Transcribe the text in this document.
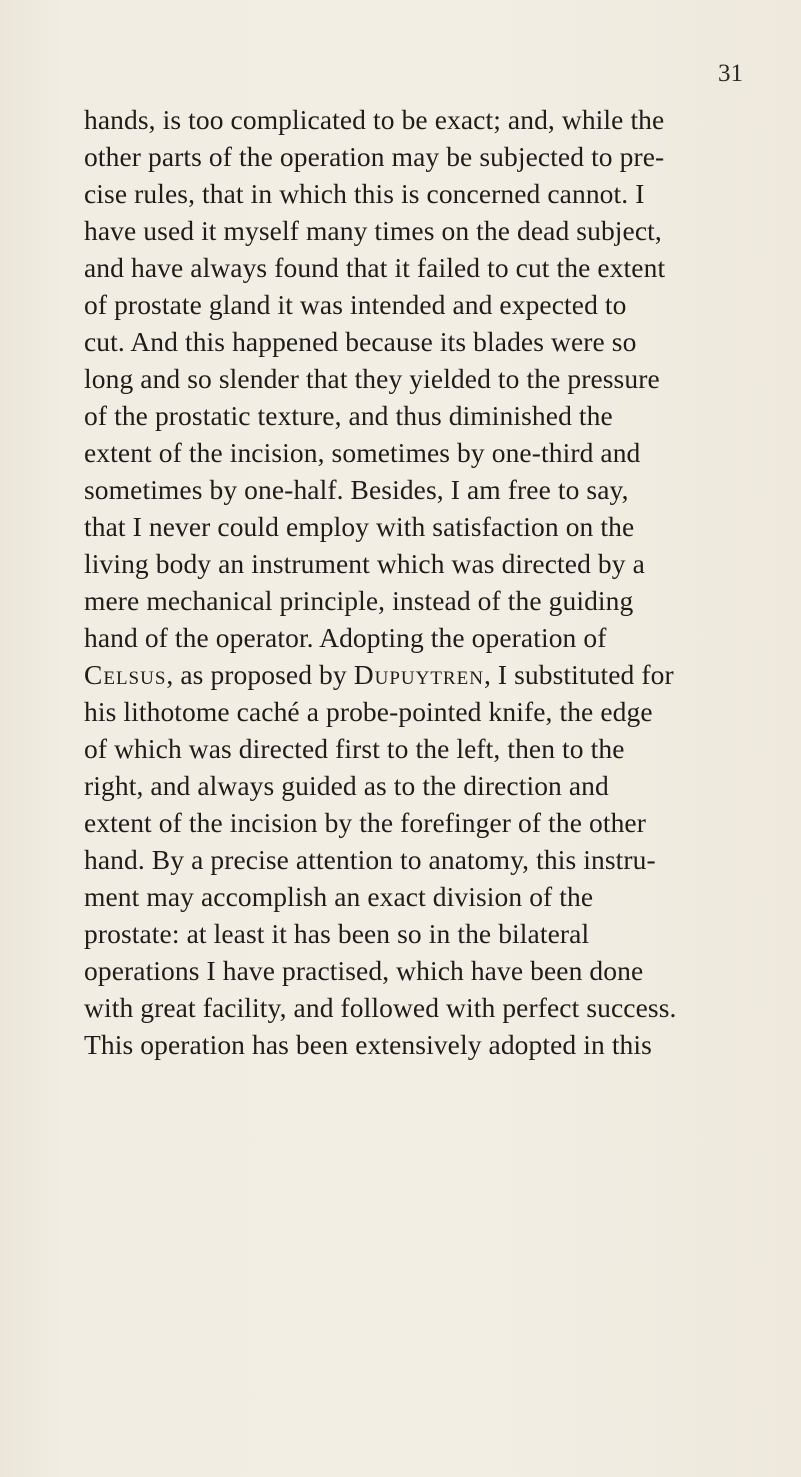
31
hands, is too complicated to be exact; and, while the
other parts of the operation may be subjected to pre-
cise rules, that in which this is concerned cannot. I
have used it myself many times on the dead subject,
and have always found that it failed to cut the extent
of prostate gland it was intended and expected to
cut. And this happened because its blades were so
long and so slender that they yielded to the pressure
of the prostatic texture, and thus diminished the
extent of the incision, sometimes by one-third and
sometimes by one-half. Besides, I am free to say,
that I never could employ with satisfaction on the
living body an instrument which was directed by a
mere mechanical principle, instead of the guiding
hand of the operator. Adopting the operation of
Celsus, as proposed by Dupuytren, I substituted for
his lithotome caché a probe-pointed knife, the edge
of which was directed first to the left, then to the
right, and always guided as to the direction and
extent of the incision by the forefinger of the other
hand. By a precise attention to anatomy, this instru-
ment may accomplish an exact division of the
prostate: at least it has been so in the bilateral
operations I have practised, which have been done
with great facility, and followed with perfect success.
This operation has been extensively adopted in this
